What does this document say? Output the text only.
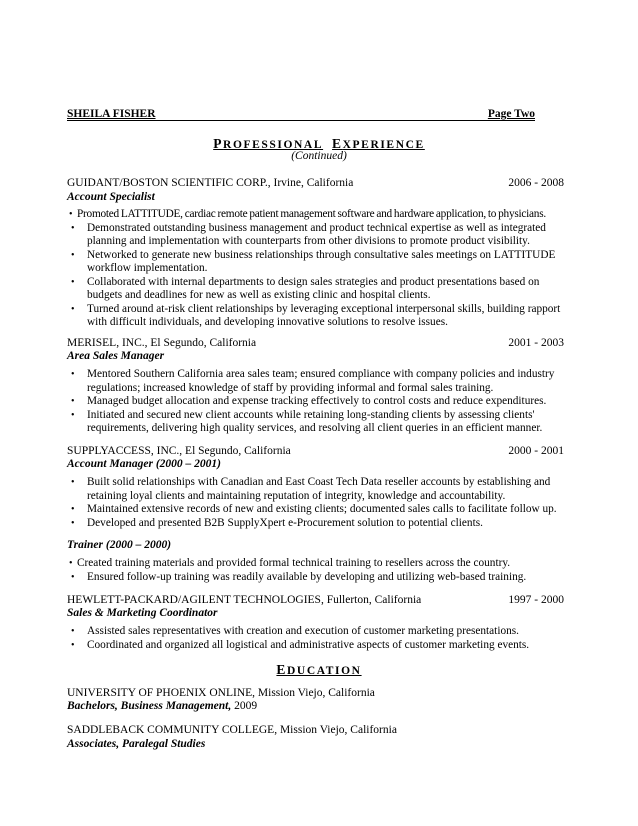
SHEILA FISHER	Page Two
PROFESSIONAL EXPERIENCE
(Continued)
GUIDANT/BOSTON SCIENTIFIC CORP., Irvine, California	2006 - 2008
Account Specialist
• Promoted LATTITUDE, cardiac remote patient management software and hardware application, to physicians.
• Demonstrated outstanding business management and product technical expertise as well as integrated
planning and implementation with counterparts from other divisions to promote product visibility.
• Networked to generate new business relationships through consultative sales meetings on LATTITUDE
workflow implementation.
• Collaborated with internal departments to design sales strategies and product presentations based on
budgets and deadlines for new as well as existing clinic and hospital clients.
• Turned around at-risk client relationships by leveraging exceptional interpersonal skills, building rapport
with difficult individuals, and developing innovative solutions to resolve issues.
MERISEL, INC., El Segundo, California	2001 - 2003
Area Sales Manager
• Mentored Southern California area sales team; ensured compliance with company policies and industry
regulations; increased knowledge of staff by providing informal and formal sales training.
• Managed budget allocation and expense tracking effectively to control costs and reduce expenditures.
• Initiated and secured new client accounts while retaining long-standing clients by assessing clients'
requirements, delivering high quality services, and resolving all client queries in an efficient manner.
SUPPLYACCESS, INC., El Segundo, California	2000 - 2001
Account Manager (2000 – 2001)
• Built solid relationships with Canadian and East Coast Tech Data reseller accounts by establishing and
retaining loyal clients and maintaining reputation of integrity, knowledge and accountability.
• Maintained extensive records of new and existing clients; documented sales calls to facilitate follow up.
• Developed and presented B2B SupplyXpert e-Procurement solution to potential clients.
Trainer (2000 – 2000)
• Created training materials and provided formal technical training to resellers across the country.
• Ensured follow-up training was readily available by developing and utilizing web-based training.
HEWLETT-PACKARD/AGILENT TECHNOLOGIES, Fullerton, California	1997 - 2000
Sales & Marketing Coordinator
• Assisted sales representatives with creation and execution of customer marketing presentations.
• Coordinated and organized all logistical and administrative aspects of customer marketing events.
EDUCATION
UNIVERSITY OF PHOENIX ONLINE, Mission Viejo, California
Bachelors, Business Management, 2009
SADDLEBACK COMMUNITY COLLEGE, Mission Viejo, California
Associates, Paralegal Studies
